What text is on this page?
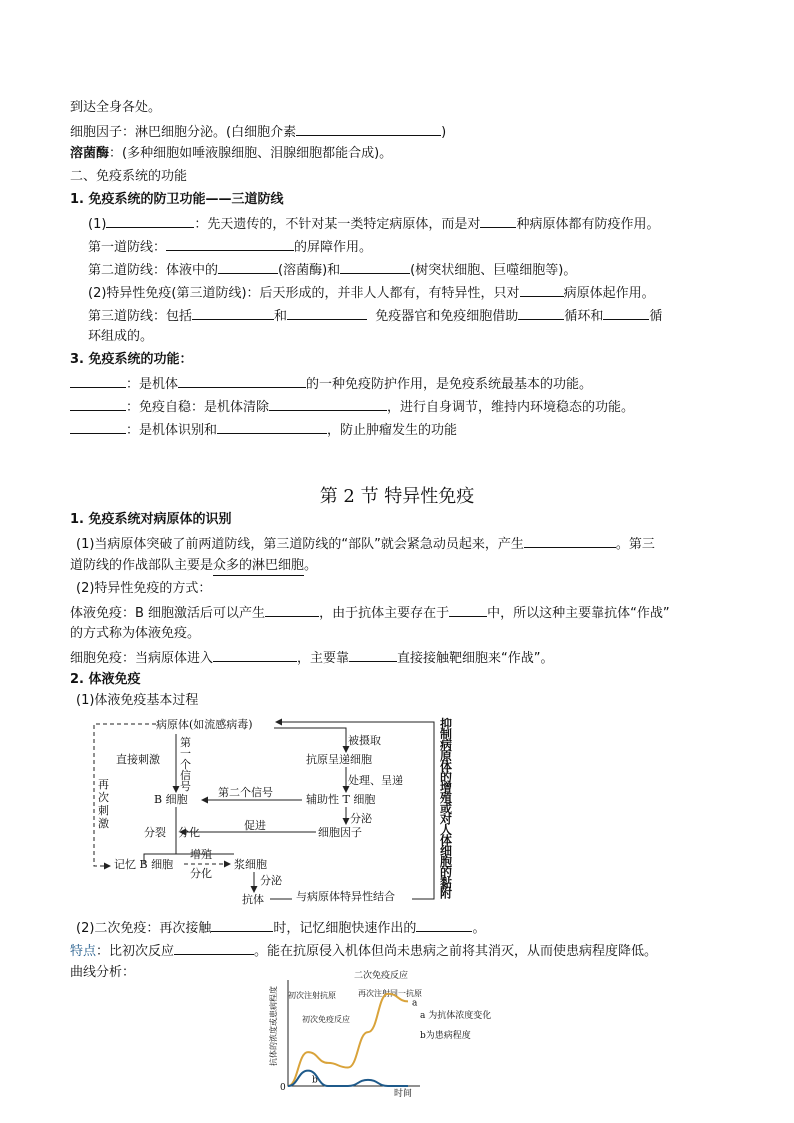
到达全身各处。
细胞因子：淋巴细胞分泌。(白细胞介素	)
溶菌酶：(多种细胞如唾液腺细胞、泪腺细胞都能合成)。
二、免疫系统的功能
1. 免疫系统的防卫功能——三道防线
(1)	：先天遗传的，不针对某一类特定病原体，而是对	种病原体都有防疫作用。
第一道防线：	的屏障作用。
第二道防线：体液中的	(溶菌酶)和	(树突状细胞、巨噬细胞等)。
(2)特异性免疫(第三道防线)：后天形成的，并非人人都有，有特异性，只对	病原体起作用。
第三道防线：包括	和	免疫器官和免疫细胞借助	循环和	循
环组成的。
3. 免疫系统的功能：
：是机体	的一种免疫防护作用，是免疫系统最基本的功能。
：免疫自稳：是机体清除	，进行自身调节，维持内环境稳态的功能。
：是机体识别和	，防止肿瘤发生的功能
第 2 节 特异性免疫
1. 免疫系统对病原体的识别
(1)当病原体突破了前两道防线，第三道防线的“部队”就会紧急动员起来，产生	。第三
道防线的作战部队主要是众多的淋巴细胞。
(2)特异性免疫的方式：
体液免疫：B 细胞激活后可以产生	，由于抗体主要存在于	中，所以这种主要靠抗体“作战”
的方式称为体液免疫。
细胞免疫：当病原体进入	，主要靠	直接接触靶细胞来“作战”。
2. 体液免疫
(1)体液免疫基本过程
病原体(如流感病毒)
直接刺激
被摄取
抗原呈递细胞
处理、呈递
B 细胞
第二个信号
辅助性 T 细胞
分泌
促进
细胞因子
分裂 分化
记忆 B 细胞
增殖
分化
浆细胞
分泌
抗体	与病原体特异性结合
第
一
个
信
号
再
次
刺
激
抑
制
病
原
体
的
增
殖
或
对
人
体
细
胞
的
黏
附
(2)二次免疫：再次接触	时，记忆细胞快速作出的	。
特点：比初次反应	。能在抗原侵入机体但尚未患病之前将其消灭，从而使患病程度降低。
曲线分析：	二次免疫反应
时间
0
a 为抗体浓度变化
b为患病程度
初次注射抗原
初次免疫反应
再次注射同一抗原
抗体的浓度或患病程度	a
b
